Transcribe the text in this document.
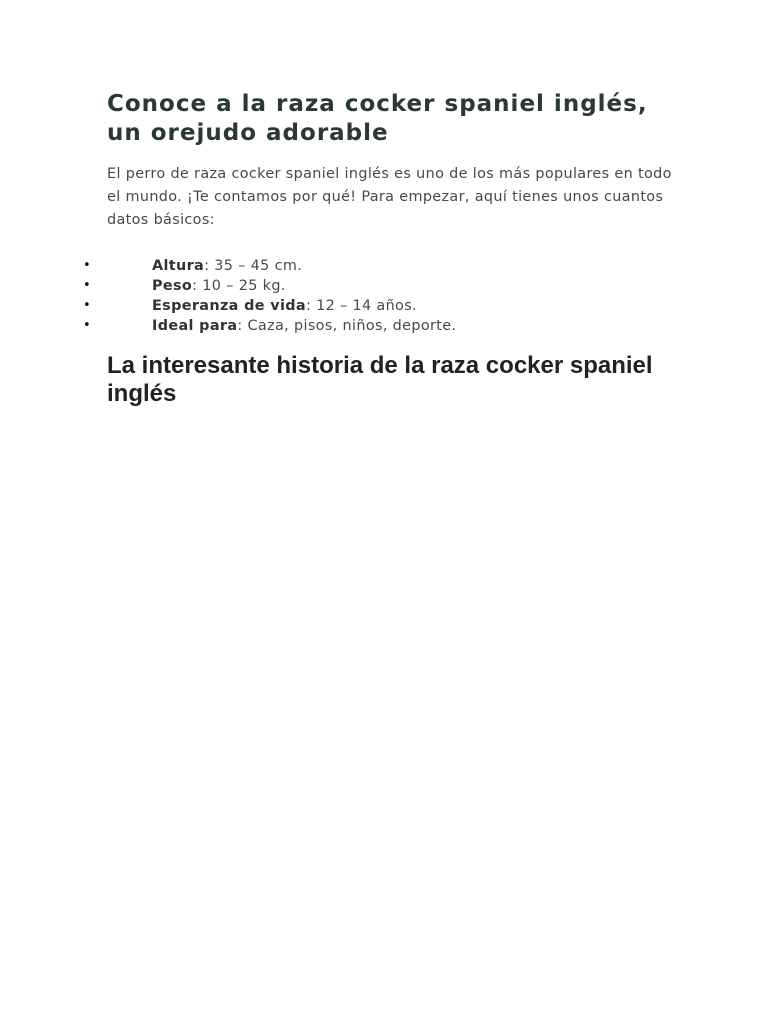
Conoce a la raza cocker spaniel inglés, un orejudo adorable

El perro de raza cocker spaniel inglés es uno de los más populares en todo el mundo. ¡Te contamos por qué! Para empezar, aquí tienes unos cuantos datos básicos:

•	Altura: 35 – 45 cm.
•	Peso: 10 – 25 kg.
•	Esperanza de vida: 12 – 14 años.
•	Ideal para: Caza, pisos, niños, deporte.
La interesante historia de la raza cocker spaniel inglés
